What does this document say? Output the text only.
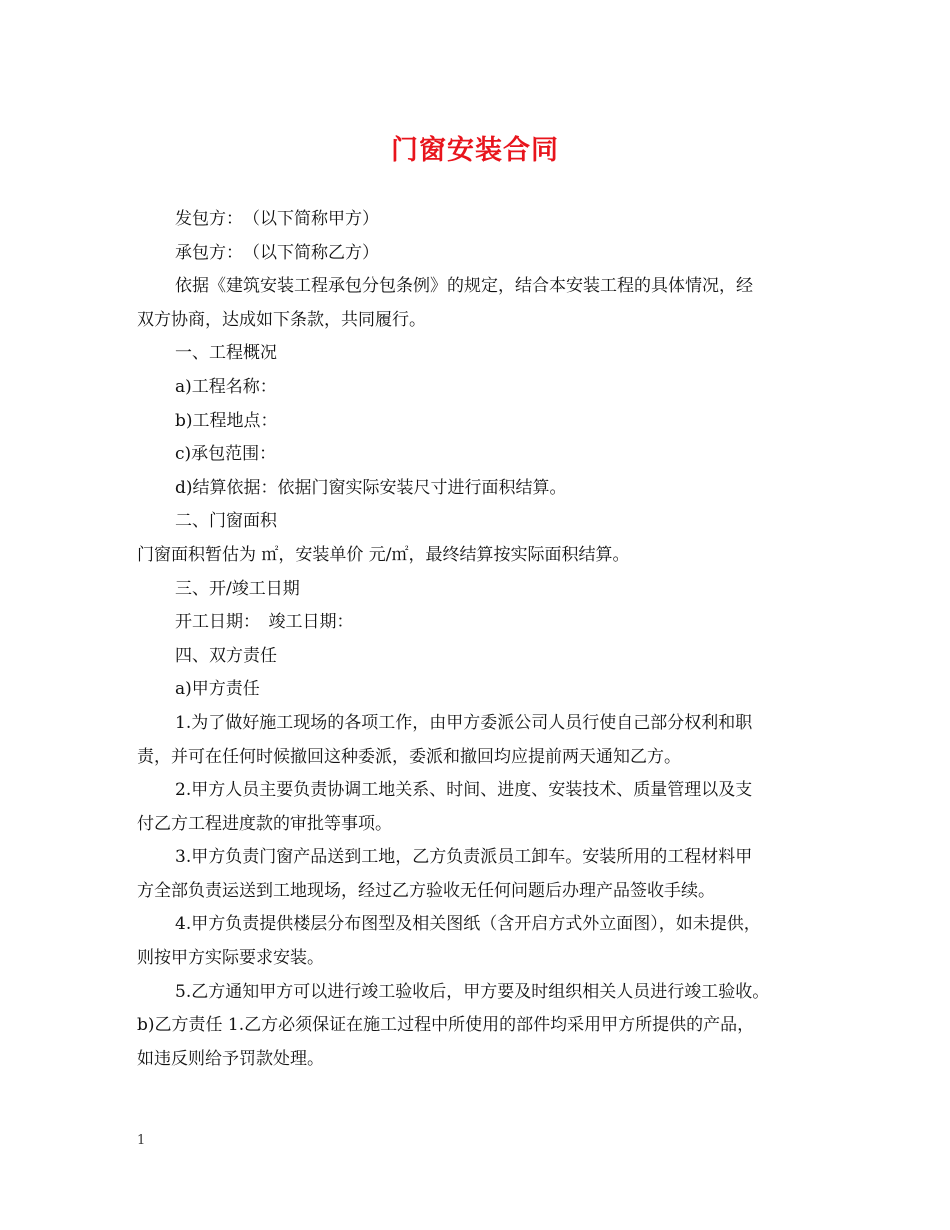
门窗安装合同
发包方：　（以下简称甲方）
承包方：　（以下简称乙方）
依据《建筑安装工程承包分包条例》的规定，结合本安装工程的具体情况，经
双方协商，达成如下条款，共同履行。
一、工程概况
a)工程名称：
b)工程地点：
c)承包范围：
d)结算依据：依据门窗实际安装尺寸进行面积结算。
二、门窗面积
门窗面积暂估为 ㎡，安装单价 元/㎡，最终结算按实际面积结算。
三、开/竣工日期
开工日期：　竣工日期：
四、双方责任
a)甲方责任
1.为了做好施工现场的各项工作，由甲方委派公司人员行使自己部分权利和职
责，并可在任何时候撤回这种委派，委派和撤回均应提前两天通知乙方。
2.甲方人员主要负责协调工地关系、时间、进度、安装技术、质量管理以及支
付乙方工程进度款的审批等事项。
3.甲方负责门窗产品送到工地，乙方负责派员工卸车。安装所用的工程材料甲
方全部负责运送到工地现场，经过乙方验收无任何问题后办理产品签收手续。
4.甲方负责提供楼层分布图型及相关图纸（含开启方式外立面图），如未提供，
则按甲方实际要求安装。
5.乙方通知甲方可以进行竣工验收后，甲方要及时组织相关人员进行竣工验收。
b)乙方责任 1.乙方必须保证在施工过程中所使用的部件均采用甲方所提供的产品，
如违反则给予罚款处理。
1
